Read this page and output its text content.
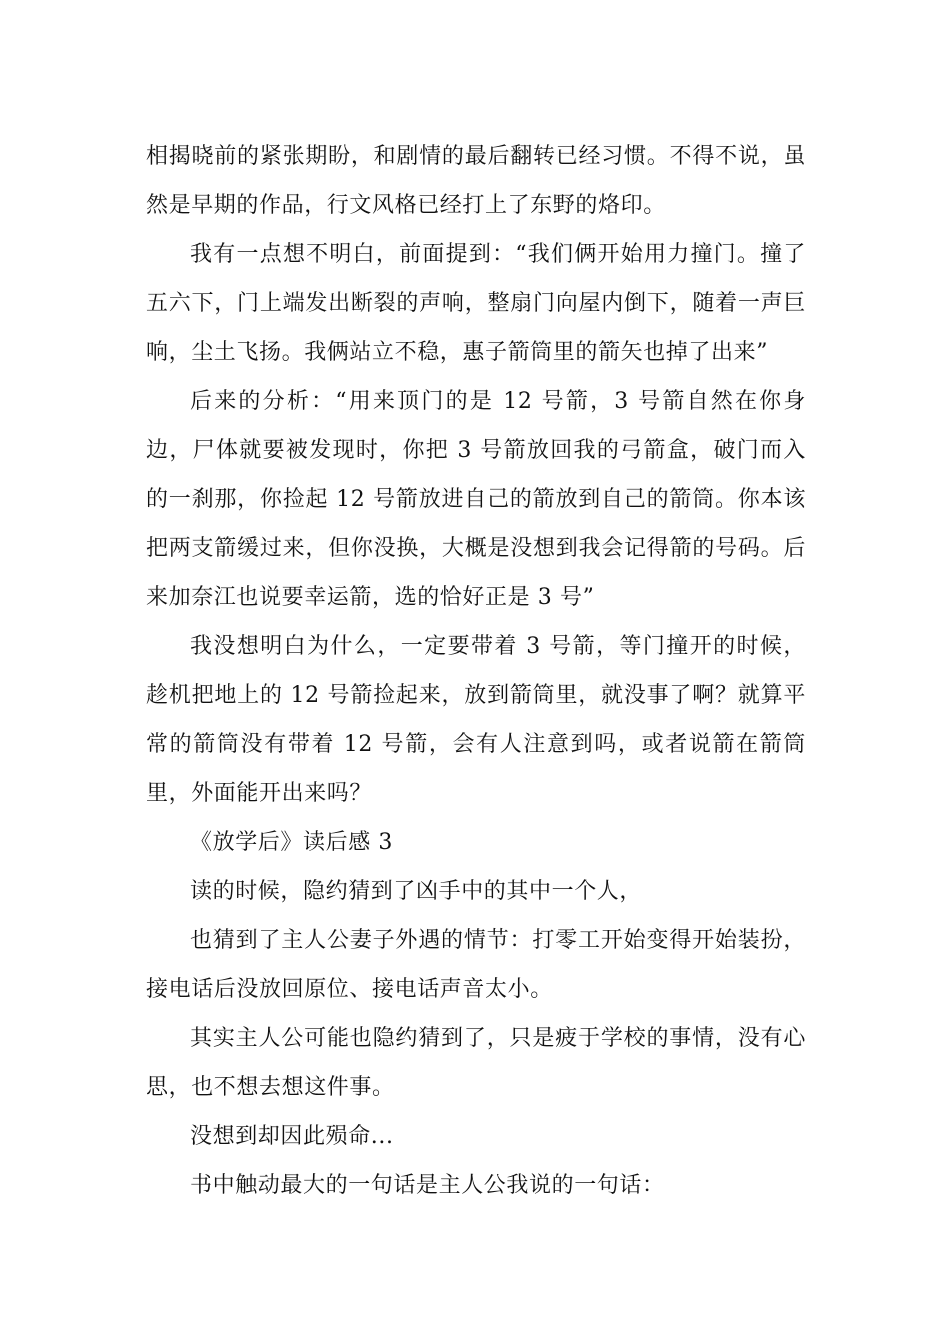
相揭晓前的紧张期盼，和剧情的最后翻转已经习惯。不得不说，虽然是早期的作品，行文风格已经打上了东野的烙印。

我有一点想不明白，前面提到：“我们俩开始用力撞门。撞了五六下，门上端发出断裂的声响，整扇门向屋内倒下，随着一声巨响，尘土飞扬。我俩站立不稳，惠子箭筒里的箭矢也掉了出来”

后来的分析：“用来顶门的是 12 号箭，3 号箭自然在你身边，尸体就要被发现时，你把 3 号箭放回我的弓箭盒，破门而入的一刹那，你捡起 12 号箭放进自己的箭放到自己的箭筒。你本该把两支箭缓过来，但你没换，大概是没想到我会记得箭的号码。后来加奈江也说要幸运箭，选的恰好正是 3 号”

我没想明白为什么，一定要带着 3 号箭，等门撞开的时候，趁机把地上的 12 号箭捡起来，放到箭筒里，就没事了啊？就算平常的箭筒没有带着 12 号箭，会有人注意到吗，或者说箭在箭筒里，外面能开出来吗？

《放学后》读后感 3

读的时候，隐约猜到了凶手中的其中一个人，

也猜到了主人公妻子外遇的情节：打零工开始变得开始装扮，接电话后没放回原位、接电话声音太小。

其实主人公可能也隐约猜到了，只是疲于学校的事情，没有心思，也不想去想这件事。

没想到却因此殒命...

书中触动最大的一句话是主人公我说的一句话：
